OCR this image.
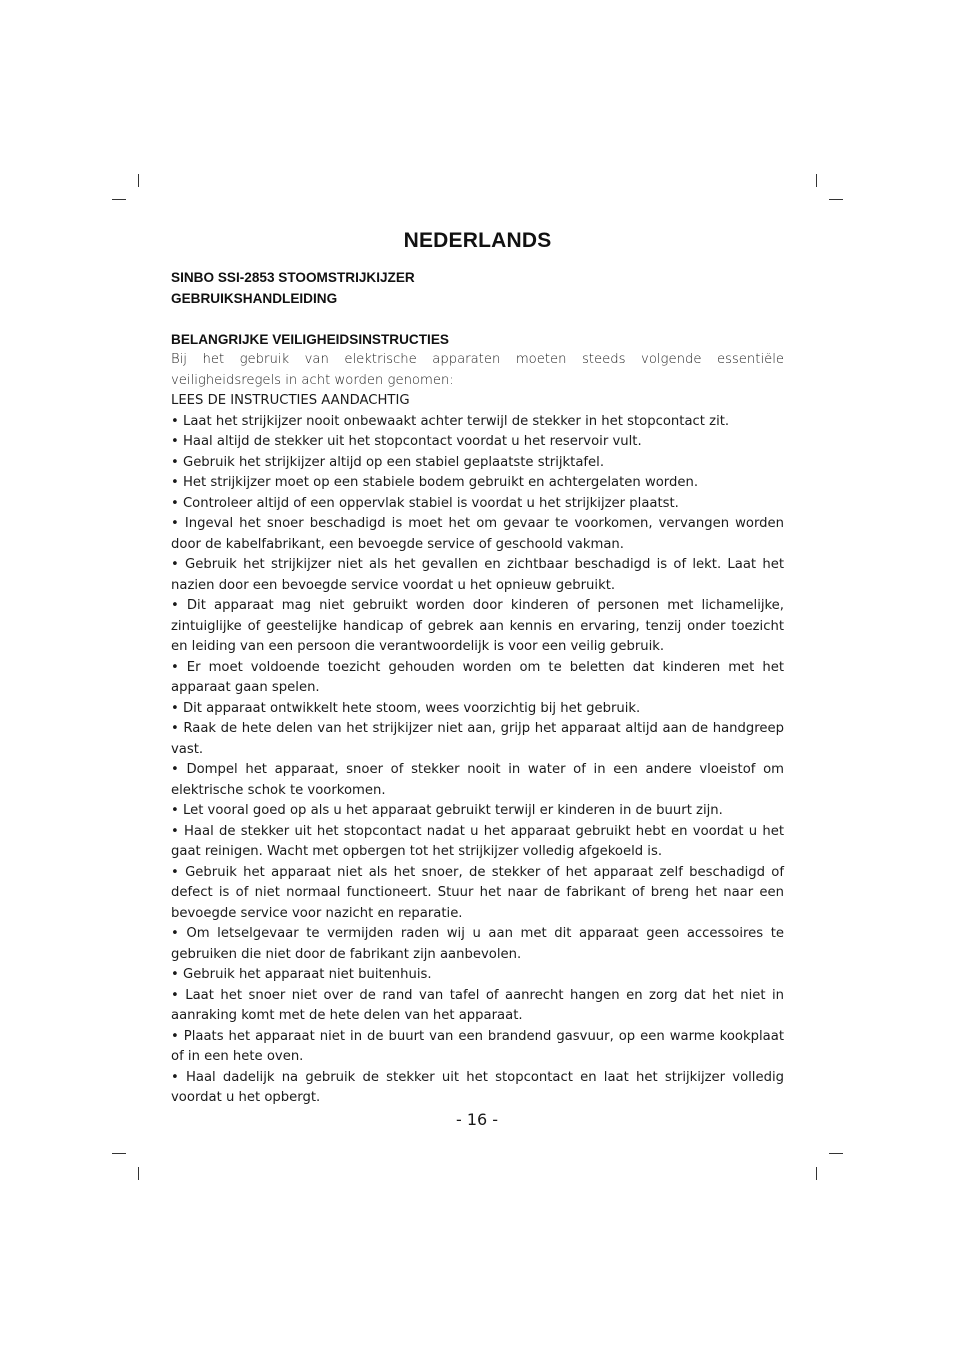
NEDERLANDS
SINBO SSI-2853 STOOMSTRIJKIJZER
GEBRUIKSHANDLEIDING
BELANGRIJKE VEILIGHEIDSINSTRUCTIES

Bij het gebruik van elektrische apparaten moeten steeds volgende essentiële veiligheidsregels in acht worden genomen:

LEES DE INSTRUCTIES AANDACHTIG

• Laat het strijkijzer nooit onbewaakt achter terwijl de stekker in het stopcontact zit.
• Haal altijd de stekker uit het stopcontact voordat u het reservoir vult.
• Gebruik het strijkijzer altijd op een stabiel geplaatste strijktafel.
• Het strijkijzer moet op een stabiele bodem gebruikt en achtergelaten worden.
• Controleer altijd of een oppervlak stabiel is voordat u het strijkijzer plaatst.
• Ingeval het snoer beschadigd is moet het om gevaar te voorkomen, vervangen worden door de kabelfabrikant, een bevoegde service of geschoold vakman.
• Gebruik het strijkijzer niet als het gevallen en zichtbaar beschadigd is of lekt. Laat het nazien door een bevoegde service voordat u het opnieuw gebruikt.
• Dit apparaat mag niet gebruikt worden door kinderen of personen met lichamelijke, zintuiglijke of geestelijke handicap of gebrek aan kennis en ervaring, tenzij onder toezicht en leiding van een persoon die verantwoordelijk is voor een veilig gebruik.
• Er moet voldoende toezicht gehouden worden om te beletten dat kinderen met het apparaat gaan spelen.
• Dit apparaat ontwikkelt hete stoom, wees voorzichtig bij het gebruik.
• Raak de hete delen van het strijkijzer niet aan, grijp het apparaat altijd aan de handgreep vast.
• Dompel het apparaat, snoer of stekker nooit in water of in een andere vloeistof om elektrische schok te voorkomen.
• Let vooral goed op als u het apparaat gebruikt terwijl er kinderen in de buurt zijn.
• Haal de stekker uit het stopcontact nadat u het apparaat gebruikt hebt en voordat u het gaat reinigen. Wacht met opbergen tot het strijkijzer volledig afgekoeld is.
• Gebruik het apparaat niet als het snoer, de stekker of het apparaat zelf beschadigd of defect is of niet normaal functioneert. Stuur het naar de fabrikant of breng het naar een bevoegde service voor nazicht en reparatie.
• Om letselgevaar te vermijden raden wij u aan met dit apparaat geen accessoires te gebruiken die niet door de fabrikant zijn aanbevolen.
• Gebruik het apparaat niet buitenhuis.
• Laat het snoer niet over de rand van tafel of aanrecht hangen en zorg dat het niet in aanraking komt met de hete delen van het apparaat.
• Plaats het apparaat niet in de buurt van een brandend gasvuur, op een warme kookplaat of in een hete oven.
• Haal dadelijk na gebruik de stekker uit het stopcontact en laat het strijkijzer volledig voordat u het opbergt.
- 16 -
